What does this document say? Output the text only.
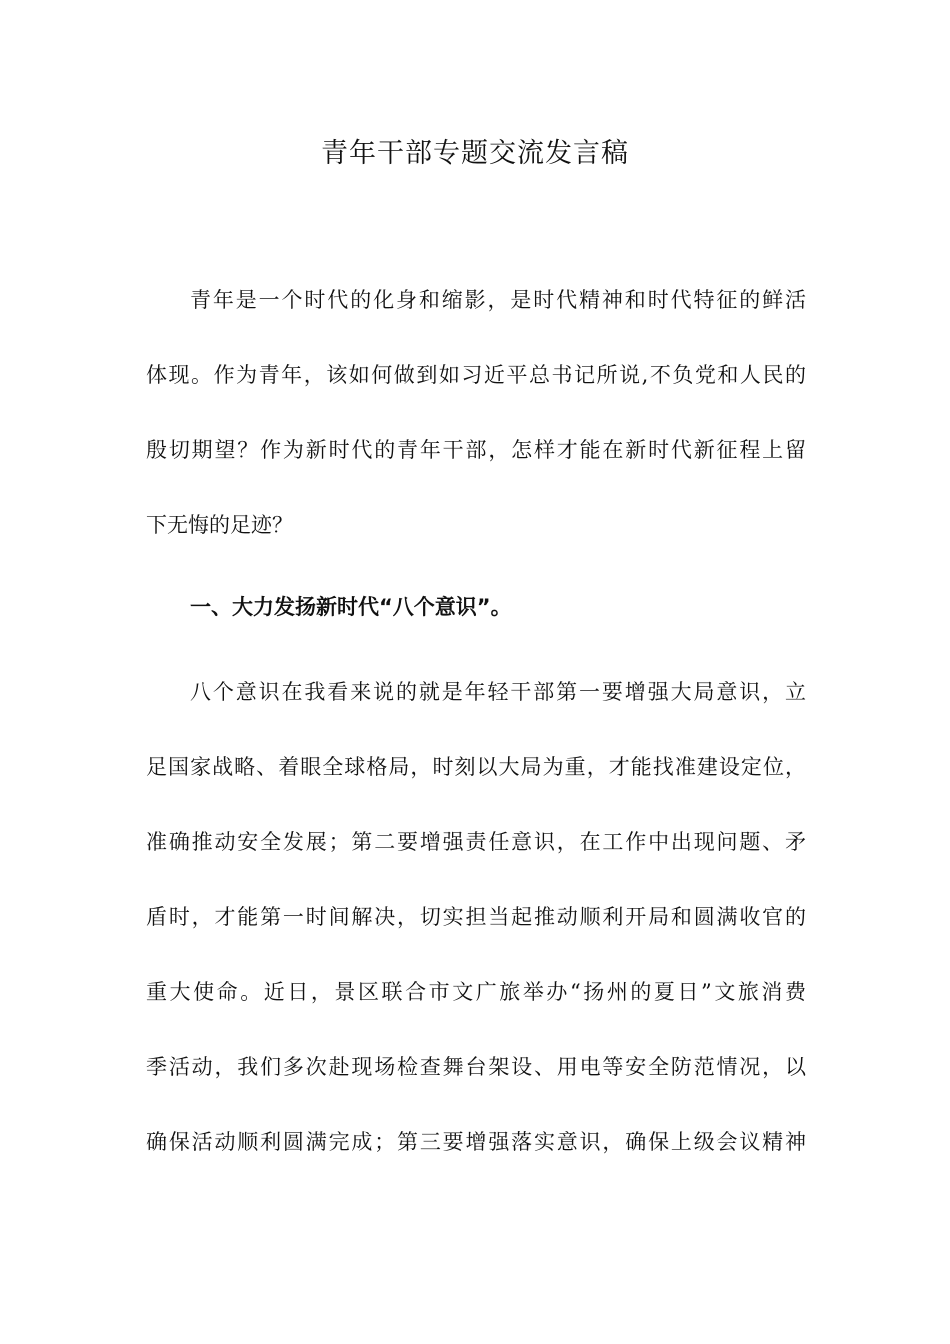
青年干部专题交流发言稿
青年是一个时代的化身和缩影，是时代精神和时代特征的鲜活
体现。作为青年，该如何做到如习近平总书记所说,不负党和人民的
殷切期望？作为新时代的青年干部，怎样才能在新时代新征程上留
下无悔的足迹？
一、大力发扬新时代“八个意识”。
八个意识在我看来说的就是年轻干部第一要增强大局意识，立
足国家战略、着眼全球格局，时刻以大局为重，才能找准建设定位，
准确推动安全发展；第二要增强责任意识，在工作中出现问题、矛
盾时，才能第一时间解决，切实担当起推动顺利开局和圆满收官的
重大使命。近日，景区联合市文广旅举办“扬州的夏日”文旅消费
季活动，我们多次赴现场检查舞台架设、用电等安全防范情况，以
确保活动顺利圆满完成；第三要增强落实意识，确保上级会议精神
